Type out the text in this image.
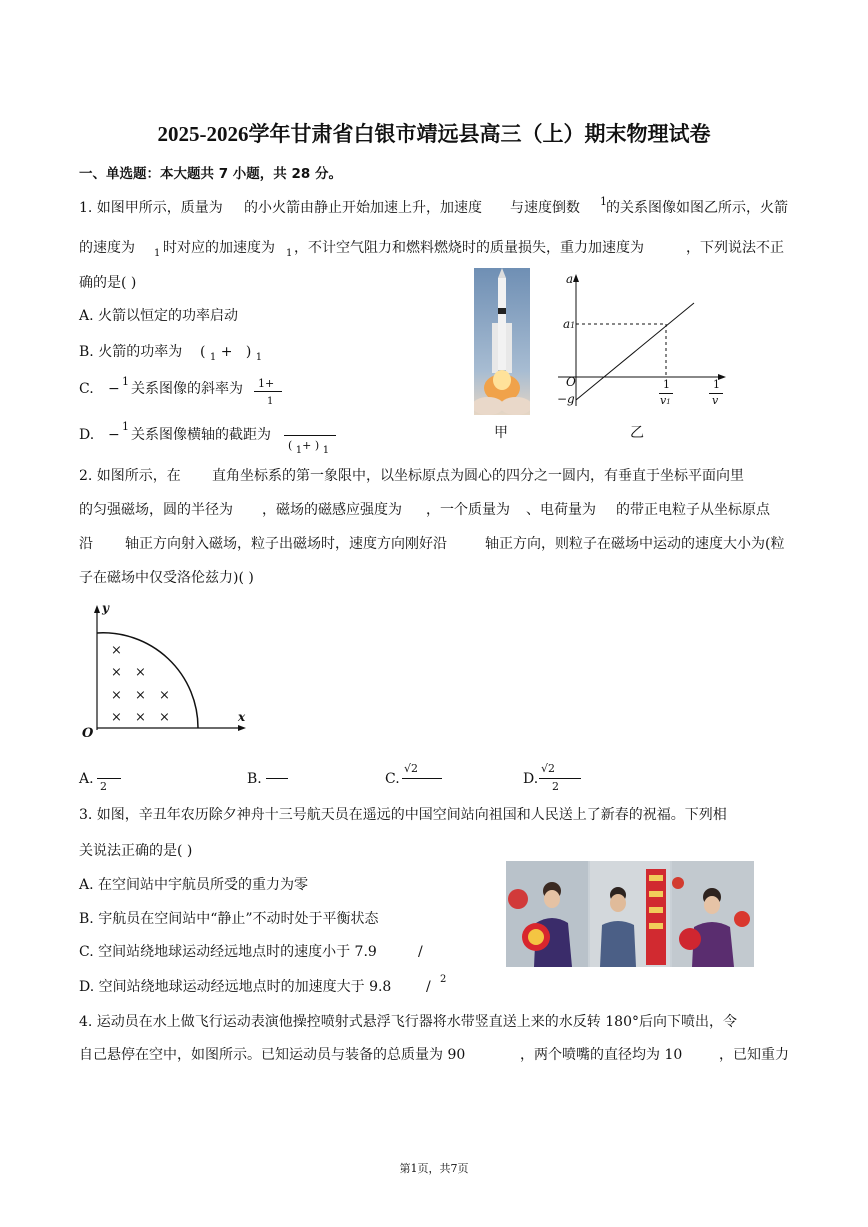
2025-2026学年甘肃省白银市靖远县高三（上）期末物理试卷
一、单选题：本大题共 7 小题，共 28 分。
1. 如图甲所示，质量为 的小火箭由静止开始加速上升，加速度 与速度倒数 1 的关系图像如图乙所示，火箭
的速度为 1 时对应的加速度为 1 ，不计空气阻力和燃料燃烧时的质量损失，重力加速度为	，下列说法不正
确的是( )
A. 火箭以恒定的功率启动
B. 火箭的功率为 ( $_1$ +   ) $_1$
C. − 1 关系图像的斜率为 1+
1
D. −
1
关系图像横轴的截距为
( 1+ ) 1
甲
a
a1
O
−g
1
v1
1
v
乙
2. 如图所示，在 直角坐标系的第一象限中，以坐标原点为圆心的四分之一圆内，有垂直于坐标平面向里
的匀强磁场，圆的半径为 ，磁场的磁感应强度为 ，一个质量为 、电荷量为 的带正电粒子从坐标原点
沿 轴正方向射入磁场，粒子出磁场时，速度方向刚好沿	轴正方向，则粒子在磁场中运动的速度大小为(粒
子在磁场中仅受洛伦兹力)( )
y
x
O
×
× ×
× × ×
× × ×
A. 2	B.	C.
√2
D.
√2
2
3. 如图，辛丑年农历除夕神舟十三号航天员在遥远的中国空间站向祖国和人民送上了新春的祝福。下列相
关说法正确的是( )
A. 在空间站中宇航员所受的重力为零
B. 宇航员在空间站中“静止”不动时处于平衡状态
C. 空间站绕地球运动经远地点时的速度小于 7.9	/
D. 空间站绕地球运动经远地点时的加速度大于 9.8 / 2
4. 运动员在水上做飞行运动表演他操控喷射式悬浮飞行器将水带竖直送上来的水反转 180°后向下喷出，令
自己悬停在空中，如图所示。已知运动员与装备的总质量为 90	，两个喷嘴的直径均为 10	，已知重力
第1页，共7页
